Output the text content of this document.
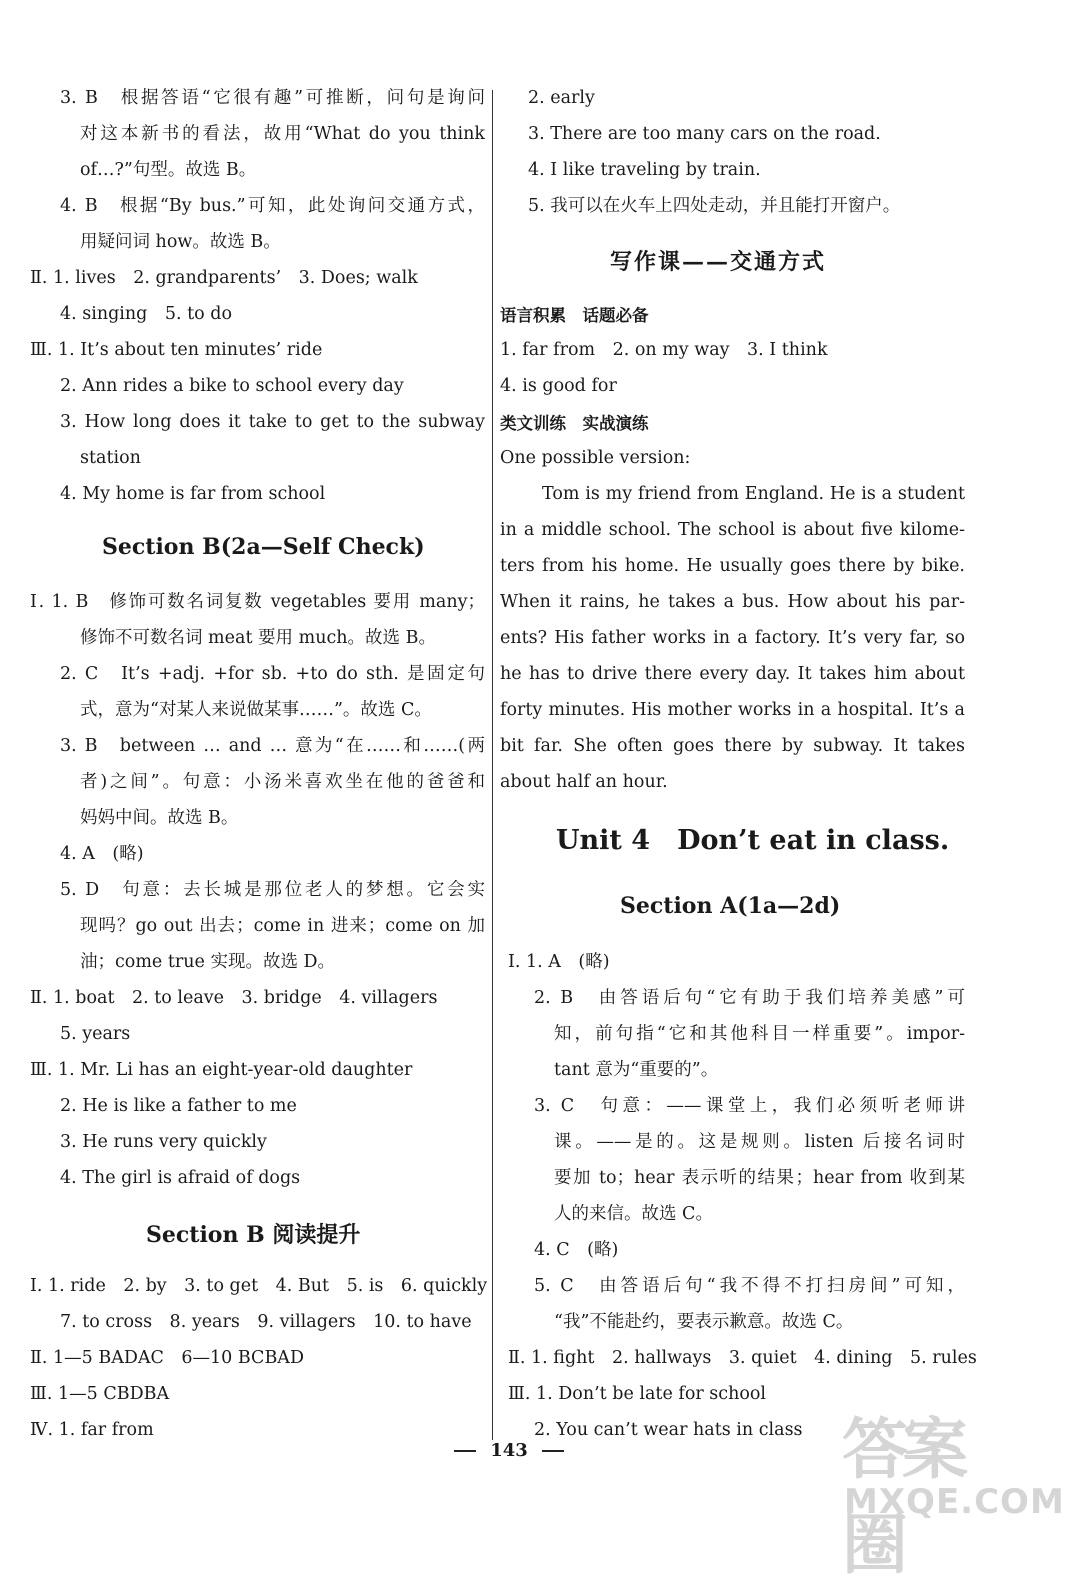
3. B　根据答语“它很有趣”可推断，问句是询问
对这本新书的看法，故用“What do you think
of…?”句型。故选 B。
4. B　根据“By bus.”可知，此处询问交通方式，
用疑问词 how。故选 B。
Ⅱ. 1. lives　2. grandparents’　3. Does; walk
4. singing　5. to do
Ⅲ. 1. It’s about ten minutes’ ride
2. Ann rides a bike to school every day
3. How long does it take to get to the subway
station
4. My home is far from school
Section B(2a—Self Check)
Ⅰ. 1. B　修饰可数名词复数 vegetables 要用 many；
修饰不可数名词 meat 要用 much。故选 B。
2. C　It’s +adj. +for sb. +to do sth. 是固定句
式，意为“对某人来说做某事……”。故选 C。
3. B　between … and … 意为“在……和……(两
者)之间”。句意：小汤米喜欢坐在他的爸爸和
妈妈中间。故选 B。
4. A　(略)
5. D　句意：去长城是那位老人的梦想。它会实
现吗？go out 出去；come in 进来；come on 加
油；come true 实现。故选 D。
Ⅱ. 1. boat　2. to leave　3. bridge　4. villagers
5. years
Ⅲ. 1. Mr. Li has an eight-year-old daughter
2. He is like a father to me
3. He runs very quickly
4. The girl is afraid of dogs
Section B 阅读提升
Ⅰ. 1. ride　2. by　3. to get　4. But　5. is　6. quickly
7. to cross　8. years　9. villagers　10. to have
Ⅱ. 1—5 BADAC　6—10 BCBAD
Ⅲ. 1—5 CBDBA
Ⅳ. 1. far from
2. early
3. There are too many cars on the road.
4. I like traveling by train.
5. 我可以在火车上四处走动，并且能打开窗户。
写作课——交通方式
语言积累　话题必备
1. far from　2. on my way　3. I think
4. is good for
类文训练　实战演练
One possible version:
Tom is my friend from England. He is a student
in a middle school. The school is about five kilome-
ters from his home. He usually goes there by bike.
When it rains, he takes a bus. How about his par-
ents? His father works in a factory. It’s very far, so
he has to drive there every day. It takes him about
forty minutes. His mother works in a hospital. It’s a
bit far. She often goes there by subway. It takes
about half an hour.
Unit 4　Don’t eat in class.
Section A(1a—2d)
Ⅰ. 1. A　(略)
2. B　由答语后句“它有助于我们培养美感”可
知，前句指“它和其他科目一样重要”。impor-
tant 意为“重要的”。
3. C　句意：——课堂上，我们必须听老师讲
课。——是的。这是规则。listen 后接名词时
要加 to；hear 表示听的结果；hear from 收到某
人的来信。故选 C。
4. C　(略)
5. C　由答语后句“我不得不打扫房间”可知，
“我”不能赴约，要表示歉意。故选 C。
Ⅱ. 1. fight　2. hallways　3. quiet　4. dining　5. rules
Ⅲ. 1. Don’t be late for school
2. You can’t wear hats in class
143	答案圈
MXQE.COM
